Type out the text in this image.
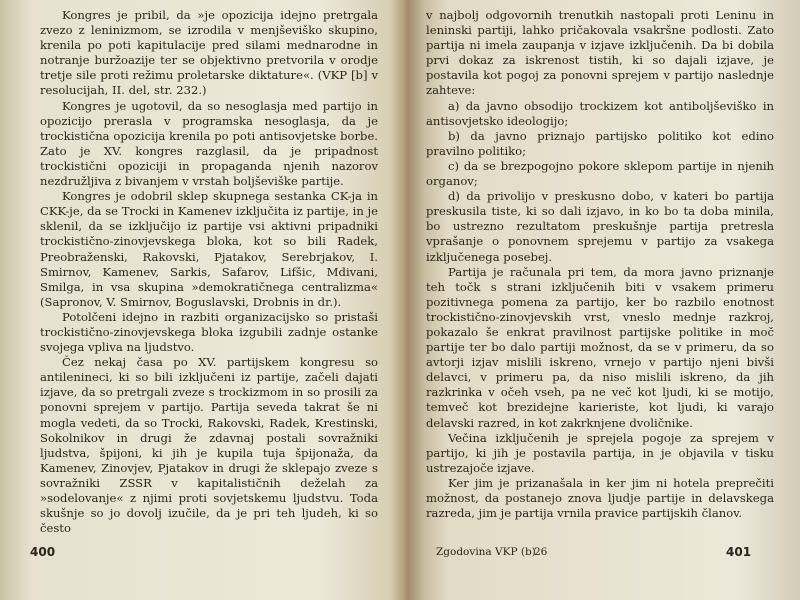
Kongres je pribil, da »je opozicija idejno pretrgala zvezo z leninizmom, se izrodila v menjševiško skupino, krenila po poti kapitulacije pred silami mednarodne in notranje buržoazije ter se objektivno pretvorila v orodje tretje sile proti režimu proletarske diktature«. (VKP [b] v resolucijah, II. del, str. 232.)

Kongres je ugotovil, da so nesoglasja med partijo in opozicijo prerasla v programska nesoglasja, da je trockistična opozicija krenila po poti antisovjetske borbe. Zato je XV. kongres razglasil, da je pripadnost trockistični opoziciji in propaganda njenih nazorov nezdružljiva z bivanjem v vrstah boljševiške partije.

Kongres je odobril sklep skupnega sestanka CK-ja in CKK-je, da se Trocki in Kamenev izključita iz partije, in je sklenil, da se izključijo iz partije vsi aktivni pripadniki trockistično-zinovjevskega bloka, kot so bili Radek, Preobraženski, Rakovski, Pjatakov, Serebrjakov, I. Smirnov, Kamenev, Sarkis, Safarov, Lifšic, Mdivani, Smilga, in vsa skupina »demokratičnega centralizma« (Sapronov, V. Smirnov, Boguslavski, Drobnis in dr.).

Potolčeni idejno in razbiti organizacijsko so pristaši trockistično-zinovjevskega bloka izgubili zadnje ostanke svojega vpliva na ljudstvo.

Čez nekaj časa po XV. partijskem kongresu so antilenineci, ki so bili izključeni iz partije, začeli dajati izjave, da so pretrgali zveze s trockizmom in so prosili za ponovni sprejem v partijo. Partija seveda takrat še ni mogla vedeti, da so Trocki, Rakovski, Radek, Krestinski, Sokolnikov in drugi že zdavnaj postali sovražniki ljudstva, špijoni, ki jih je kupila tuja špijonaža, da Kamenev, Zinovjev, Pjatakov in drugi že sklepajo zveze s sovražniki ZSSR v kapitalističnih deželah za »sodelovanje« z njimi proti sovjetskemu ljudstvu. Toda skušnje so jo dovolj izučile, da je pri teh ljudeh, ki so često

400

v najbolj odgovornih trenutkih nastopali proti Leninu in leninski partiji, lahko pričakovala vsakršne podlosti. Zato partija ni imela zaupanja v izjave izključenih. Da bi dobila prvi dokaz za iskrenost tistih, ki so dajali izjave, je postavila kot pogoj za ponovni sprejem v partijo naslednje zahteve:

a) da javno obsodijo trockizem kot antiboljševiško in antisovjetsko ideologijo;

b) da javno priznajo partijsko politiko kot edino pravilno politiko;

c) da se brezpogojno pokore sklepom partije in njenih organov;

d) da privolijo v preskusno dobo, v kateri bo partija preskusila tiste, ki so dali izjavo, in ko bo ta doba minila, bo ustrezno rezultatom preskušnje partija pretresla vprašanje o ponovnem sprejemu v partijo za vsakega izključenega posebej.

Partija je računala pri tem, da mora javno priznanje teh točk s strani izključenih biti v vsakem primeru pozitivnega pomena za partijo, ker bo razbilo enotnost trockistično-zinovjevskih vrst, vneslo mednje razkroj, pokazalo še enkrat pravilnost partijske politike in moč partije ter bo dalo partiji možnost, da se v primeru, da so avtorji izjav mislili iskreno, vrnejo v partijo njeni bivši delavci, v primeru pa, da niso mislili iskreno, da jih razkrinka v očeh vseh, pa ne več kot ljudi, ki se motijo, temveč kot brezidejne karieriste, kot ljudi, ki varajo delavski razred, in kot zakrknjene dvoličnike.

Večina izključenih je sprejela pogoje za sprejem v partijo, ki jih je postavila partija, in je objavila v tisku ustrezajoče izjave.

Ker jim je prizanašala in ker jim ni hotela preprečiti možnost, da postanejo znova ljudje partije in delavskega razreda, jim je partija vrnila pravice partijskih članov.

Zgodovina VKP (b)
26	401
